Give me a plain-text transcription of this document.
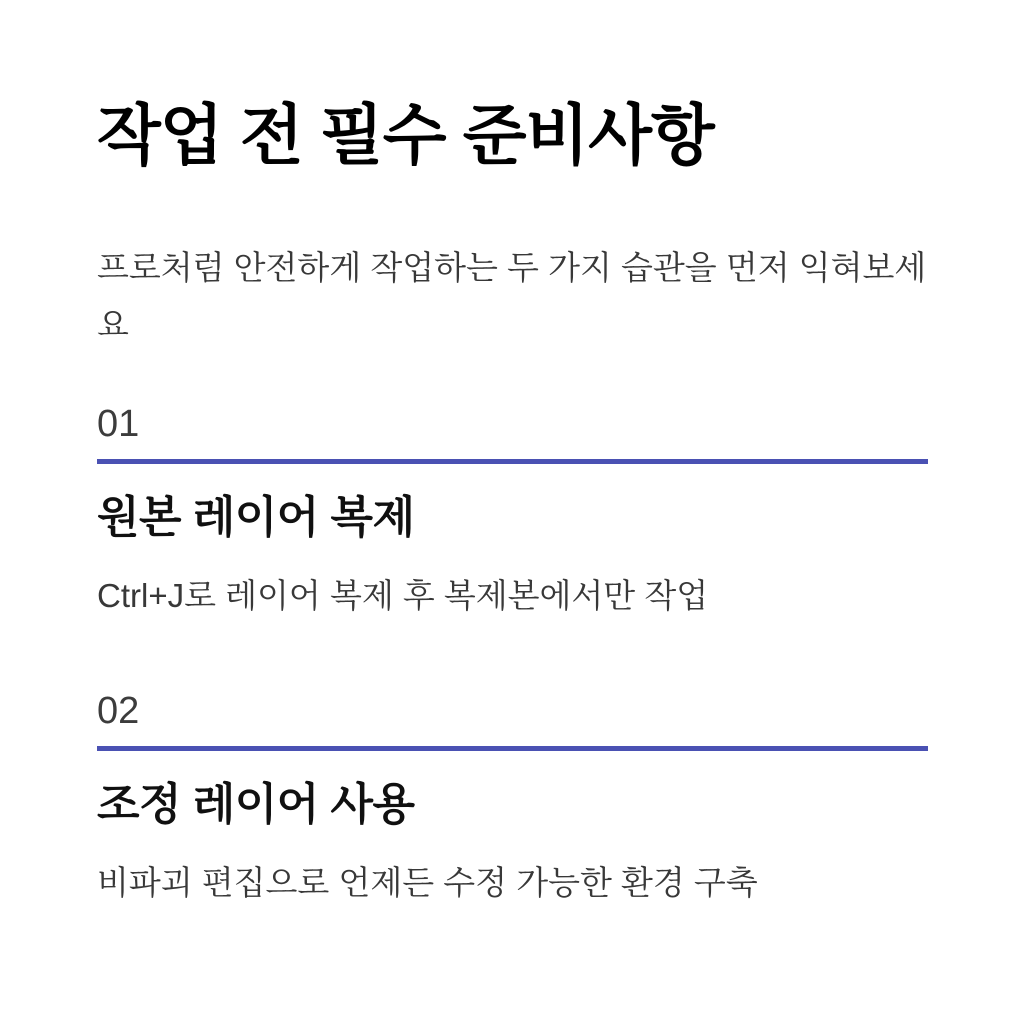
작업 전 필수 준비사항

프로처럼 안전하게 작업하는 두 가지 습관을 먼저 익혀보세요

01
원본 레이어 복제

Ctrl+J로 레이어 복제 후 복제본에서만 작업

02
조정 레이어 사용

비파괴 편집으로 언제든 수정 가능한 환경 구축
